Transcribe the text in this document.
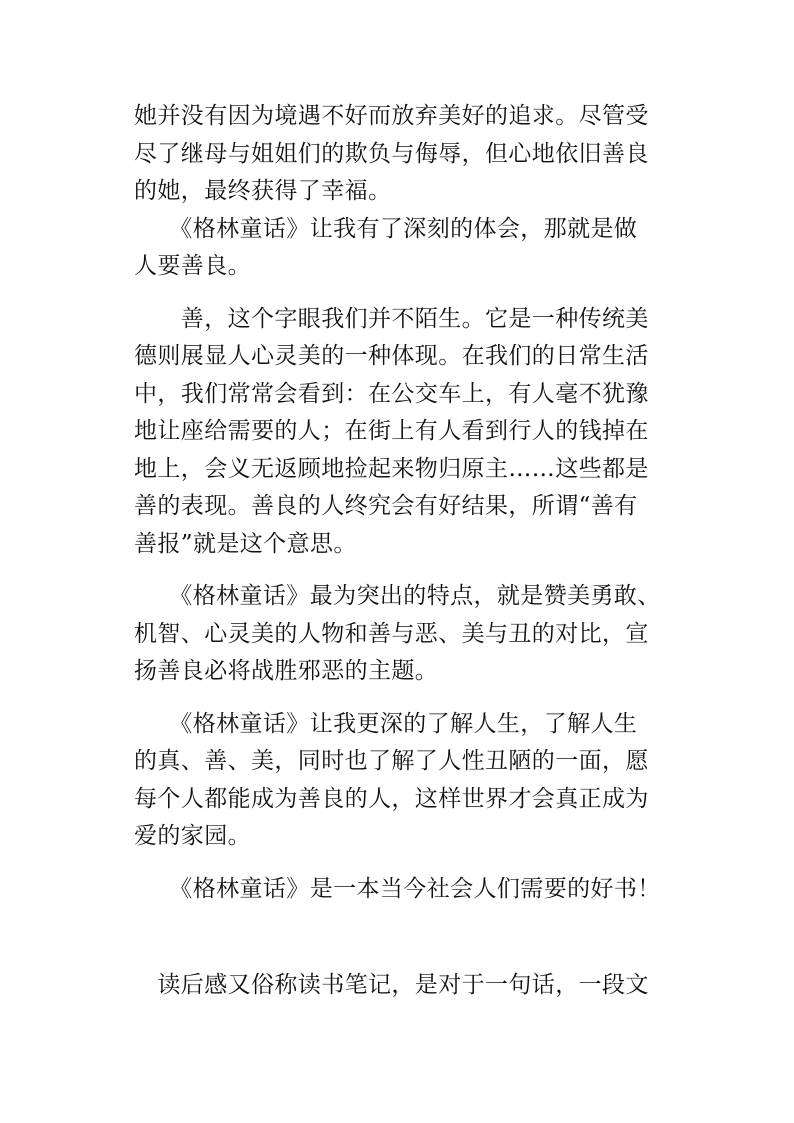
她并没有因为境遇不好而放弃美好的追求。尽管受
尽了继母与姐姐们的欺负与侮辱，但心地依旧善良
的她，最终获得了幸福。
　　《格林童话》让我有了深刻的体会，那就是做
人要善良。
　　善，这个字眼我们并不陌生。它是一种传统美
德则展显人心灵美的一种体现。在我们的日常生活
中，我们常常会看到：在公交车上，有人毫不犹豫
地让座给需要的人；在街上有人看到行人的钱掉在
地上，会义无返顾地捡起来物归原主……这些都是
善的表现。善良的人终究会有好结果，所谓“善有
善报”就是这个意思。
　　《格林童话》最为突出的特点，就是赞美勇敢、
机智、心灵美的人物和善与恶、美与丑的对比，宣
扬善良必将战胜邪恶的主题。
　　《格林童话》让我更深的了解人生，了解人生
的真、善、美，同时也了解了人性丑陋的一面，愿
每个人都能成为善良的人，这样世界才会真正成为
爱的家园。
　　《格林童话》是一本当今社会人们需要的好书！
　读后感又俗称读书笔记，是对于一句话，一段文
